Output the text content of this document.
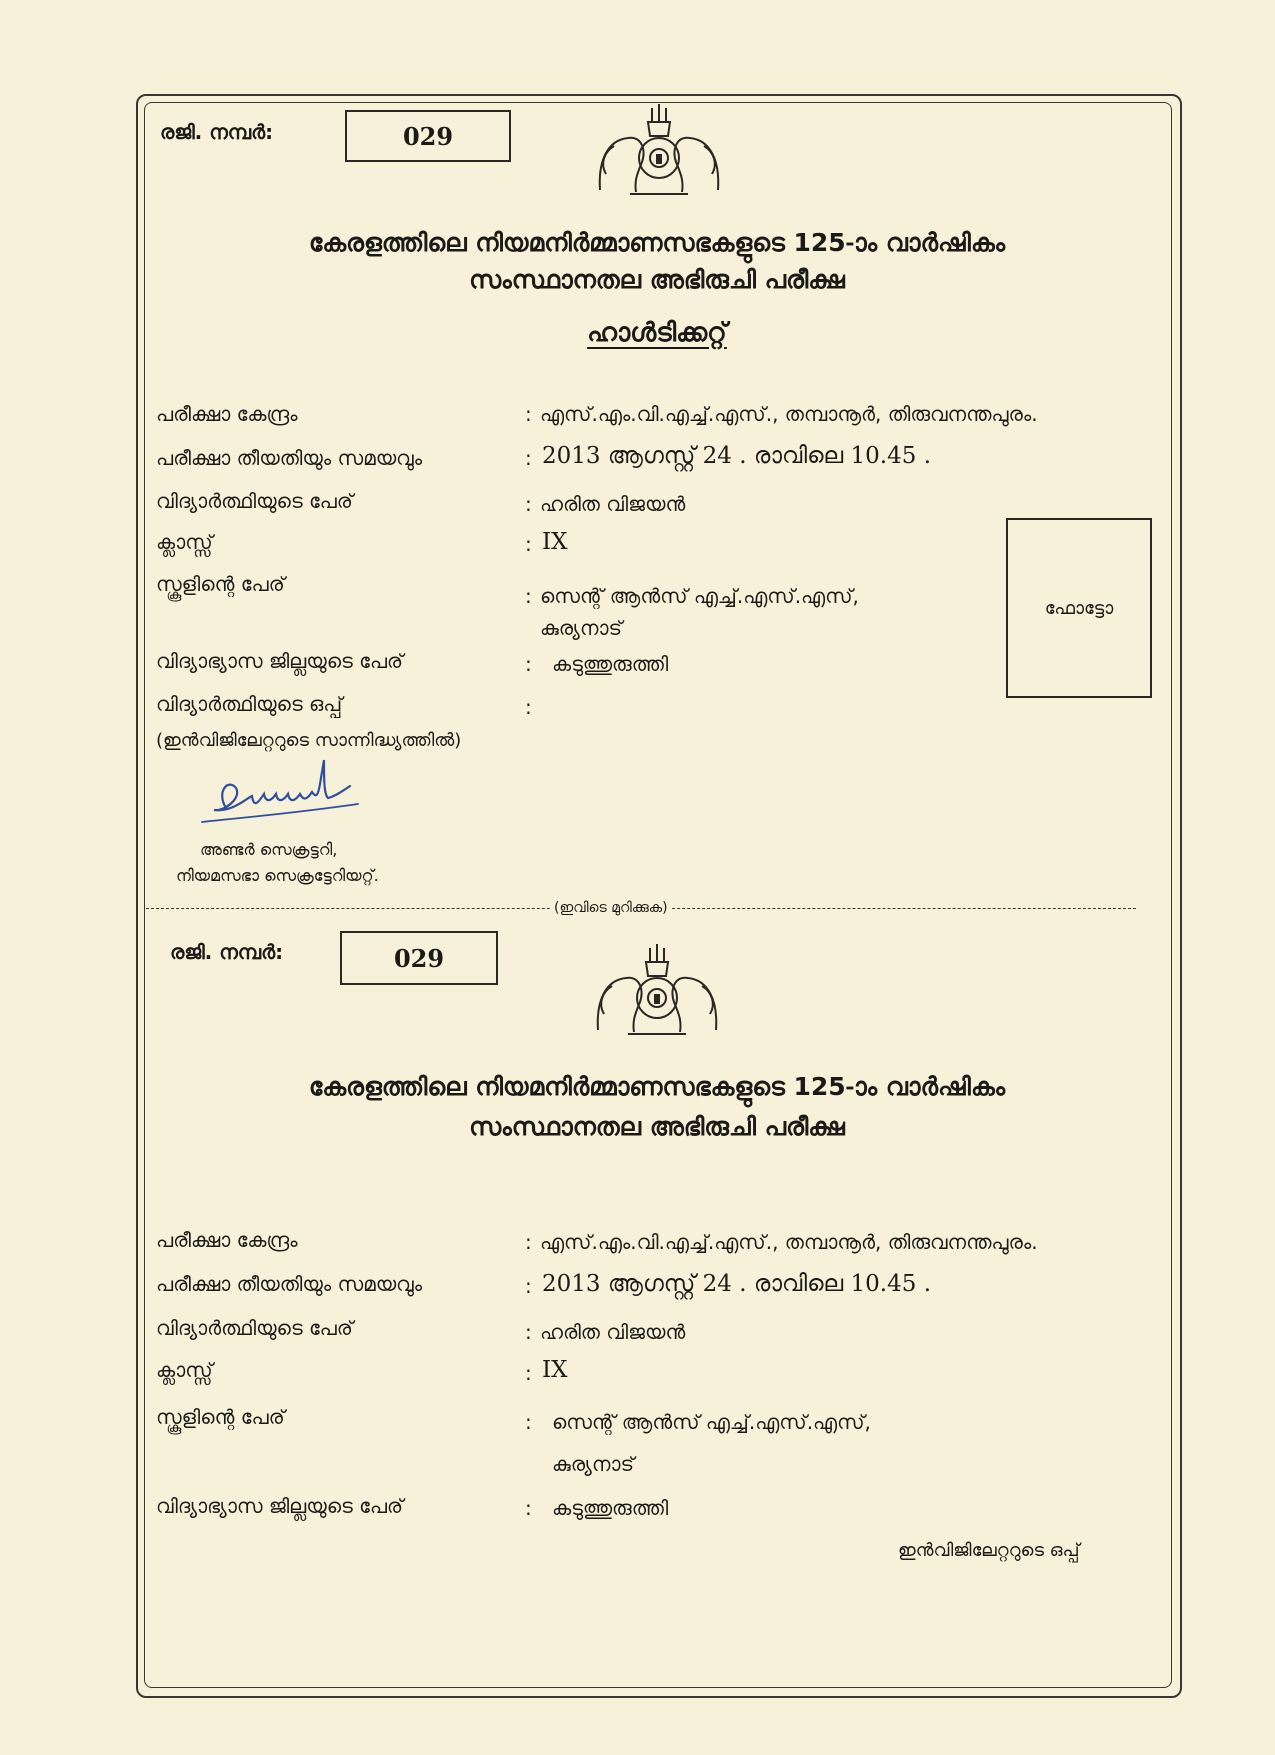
രജി. നമ്പർ:	029
കേരളത്തിലെ നിയമനിർമ്മാണസഭകളുടെ 125-ാം വാർഷികം
സംസ്ഥാനതല അഭിരുചി പരീക്ഷ
ഹാൾടിക്കറ്റ്
പരീക്ഷാ കേന്ദ്രം	: എസ്.എം.വി.എച്ച്.എസ്., തമ്പാനൂർ, തിരുവനന്തപുരം.
പരീക്ഷാ തീയതിയും സമയവും	: 2013 ആഗസ്റ്റ് 24 . രാവിലെ 10.45 .
വിദ്യാർത്ഥിയുടെ പേര്	: ഹരിത വിജയൻ
ക്ലാസ്സ്	: IX
സ്കൂളിന്റെ പേര്	: സെന്റ് ആൻസ് എച്ച്.എസ്.എസ്,
കുര്യനാട്
വിദ്യാഭ്യാസ ജില്ലയുടെ പേര്	: കടുത്തുരുത്തി
വിദ്യാർത്ഥിയുടെ ഒപ്പ്	:
(ഇൻവിജിലേറ്ററുടെ സാന്നിദ്ധ്യത്തിൽ)
ഫോട്ടോ
അണ്ടർ സെക്രട്ടറി,
നിയമസഭാ സെക്രട്ടേറിയറ്റ്.
(ഇവിടെ മുറിക്കുക)
രജി. നമ്പർ:	029
കേരളത്തിലെ നിയമനിർമ്മാണസഭകളുടെ 125-ാം വാർഷികം
സംസ്ഥാനതല അഭിരുചി പരീക്ഷ
പരീക്ഷാ കേന്ദ്രം	: എസ്.എം.വി.എച്ച്.എസ്., തമ്പാനൂർ, തിരുവനന്തപുരം.
പരീക്ഷാ തീയതിയും സമയവും	: 2013 ആഗസ്റ്റ് 24 . രാവിലെ 10.45 .
വിദ്യാർത്ഥിയുടെ പേര്	: ഹരിത വിജയൻ
ക്ലാസ്സ്	: IX
സ്കൂളിന്റെ പേര്	: സെന്റ് ആൻസ് എച്ച്.എസ്.എസ്,
കുര്യനാട്
വിദ്യാഭ്യാസ ജില്ലയുടെ പേര്	: കടുത്തുരുത്തി
ഇൻവിജിലേറ്ററുടെ ഒപ്പ്
